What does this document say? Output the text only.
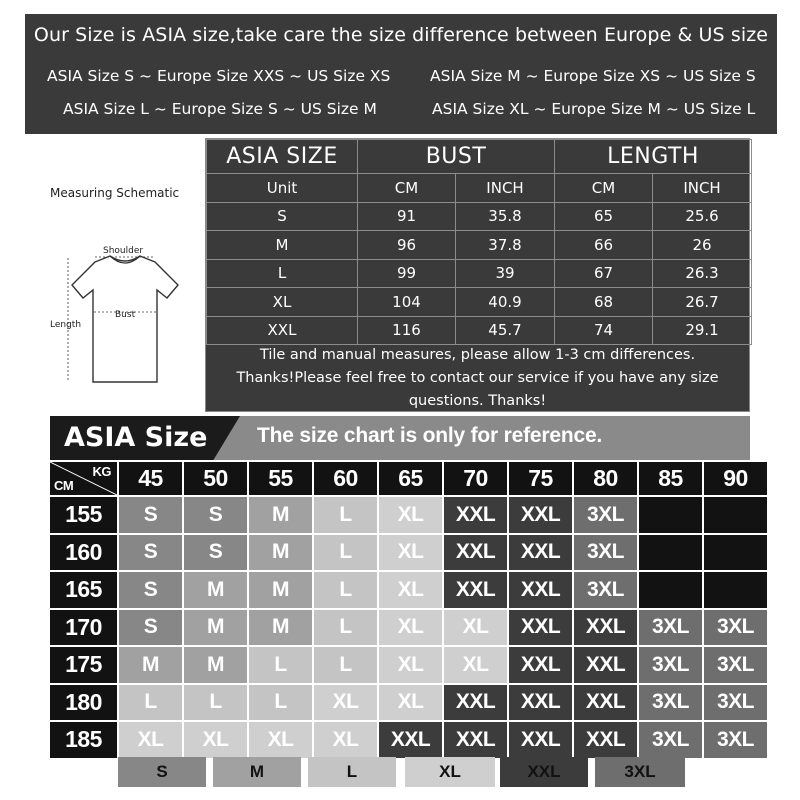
Our Size is ASIA size,take care the size difference between Europe & US size
ASIA Size S ~ Europe Size XXS ~ US Size XS	ASIA Size M ~ Europe Size XS ~ US Size S
ASIA Size L ~ Europe Size S ~ US Size M	ASIA Size XL ~ Europe Size M ~ US Size L
Measuring Schematic
Shoulder
Bust
Length
ASIA SIZE	BUST		LENGTH	
Unit	CM	INCH	CM	INCH
S	91	35.8	65	25.6
M	96	37.8	66	26
L	99	39	67	26.3
XL	104	40.9	68	26.7
XXL	116	45.7	74	29.1
Tile and manual measures, please allow 1-3 cm differences. Thanks!Please feel free to contact our service if you have any size questions. Thanks!
ASIA Size The size chart is only for reference.
KG
CM	45	50	55	60	65	70	75	80	85	90
155	S	S	M	L	XL	XXL	XXL	3XL
160	S	S	M	L	XL	XXL	XXL	3XL
165	S	M	M	L	XL	XXL	XXL	3XL
170	S	M	M	L	XL	XL	XXL	XXL	3XL	3XL
175	M	M	L	L	XL	XL	XXL	XXL	3XL	3XL
180	L	L	L	XL	XL	XXL	XXL	XXL	3XL	3XL
185	XL	XL	XL	XL	XXL	XXL	XXL	XXL	3XL	3XL
S	M	L	XL	XXL	3XL
